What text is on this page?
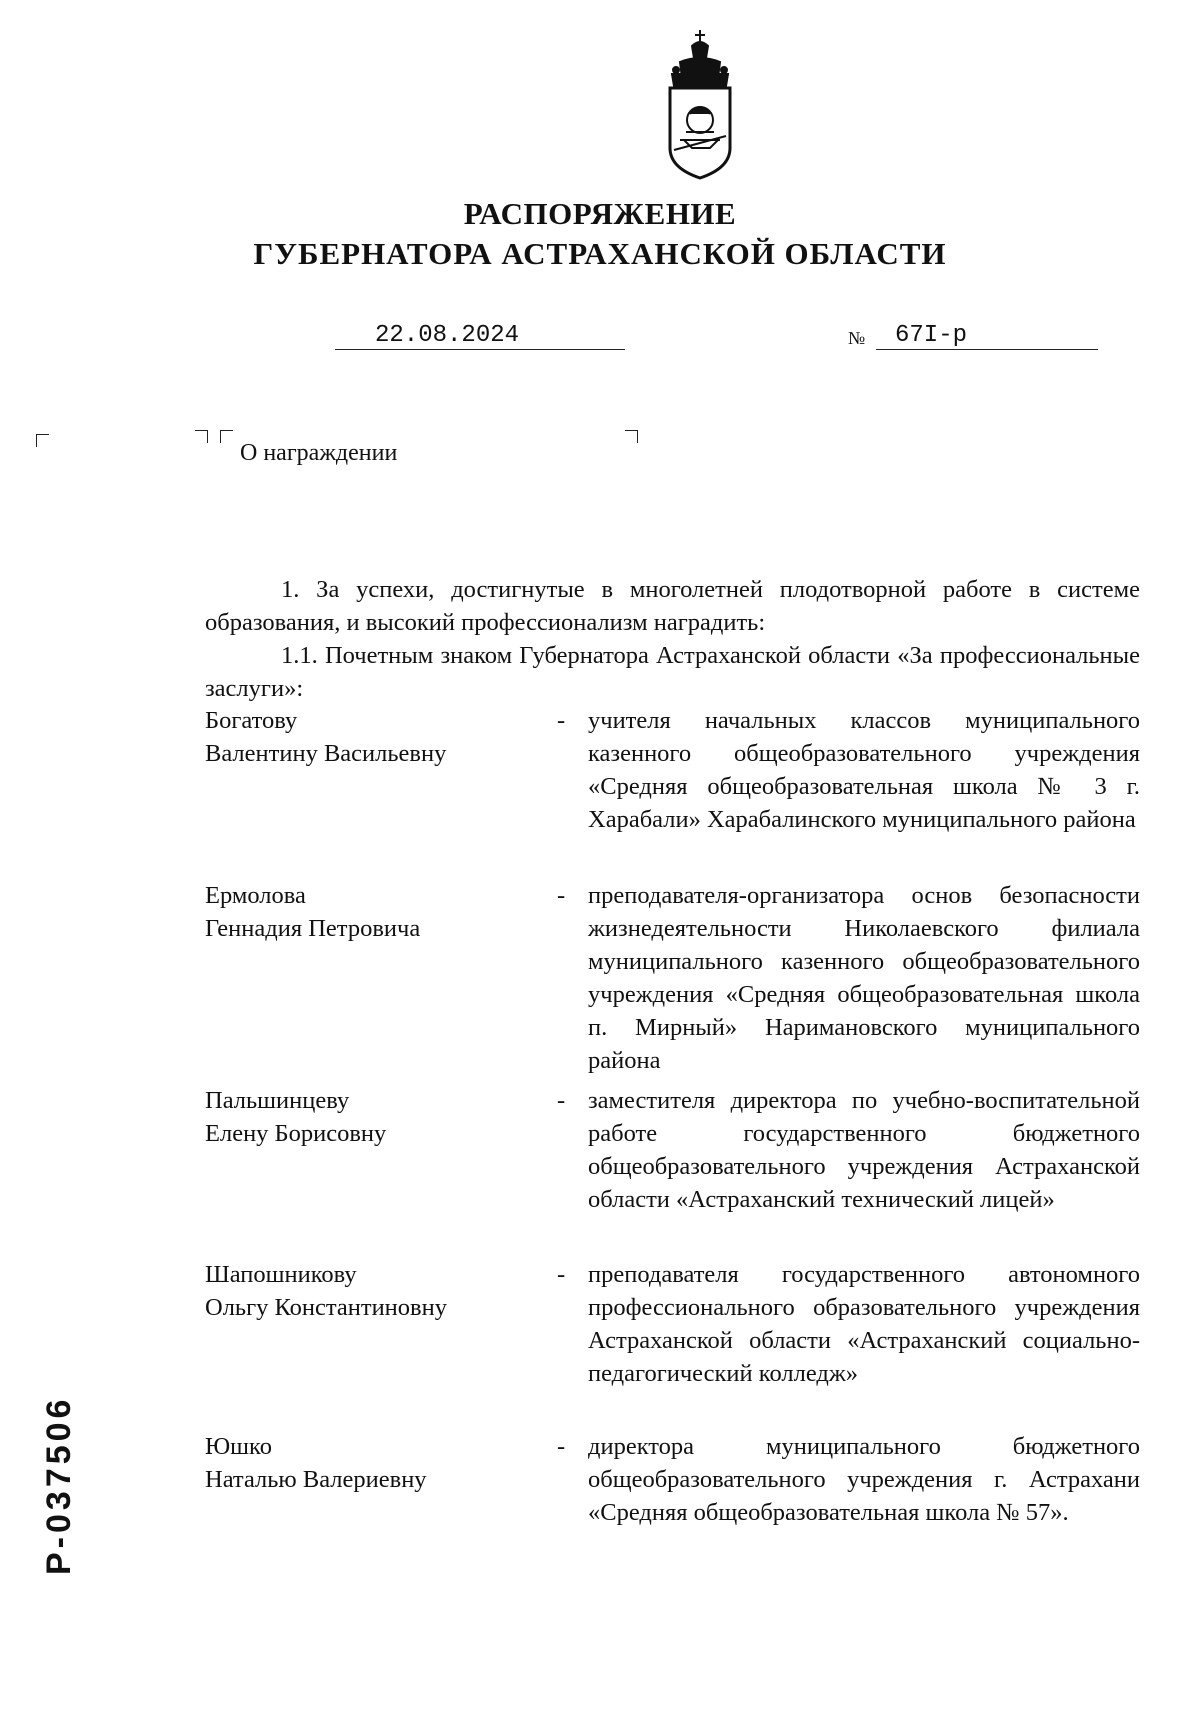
РАСПОРЯЖЕНИЕ
ГУБЕРНАТОРА АСТРАХАНСКОЙ ОБЛАСТИ
22.08.2024	№ 67I-р
О награждении
1. За успехи, достигнутые в многолетней плодотворной работе в системе образования, и высокий профессионализм наградить:
1.1. Почетным знаком Губернатора Астраханской области «За профессиональные заслуги»:
Богатову
Валентину Васильевну
- учителя начальных классов муниципального казенного общеобразовательного учреждения «Средняя общеобразовательная школа № 3 г. Харабали» Харабалинского муниципального района
Ермолова
Геннадия Петровича
- преподавателя-организатора основ безопасности жизнедеятельности Николаевского филиала муниципального казенного общеобразовательного учреждения «Средняя общеобразовательная школа п. Мирный» Наримановского муниципального района
Пальшинцеву
Елену Борисовну
- заместителя директора по учебно-воспитательной работе государственного бюджетного общеобразовательного учреждения Астраханской области «Астраханский технический лицей»
Шапошникову
Ольгу Константиновну
- преподавателя государственного автономного профессионального образовательного учреждения Астраханской области «Астраханский социально-педагогический колледж»
Юшко
Наталью Валериевну
- директора муниципального бюджетного общеобразовательного учреждения г. Астрахани «Средняя общеобразовательная школа № 57».
Р-037506
